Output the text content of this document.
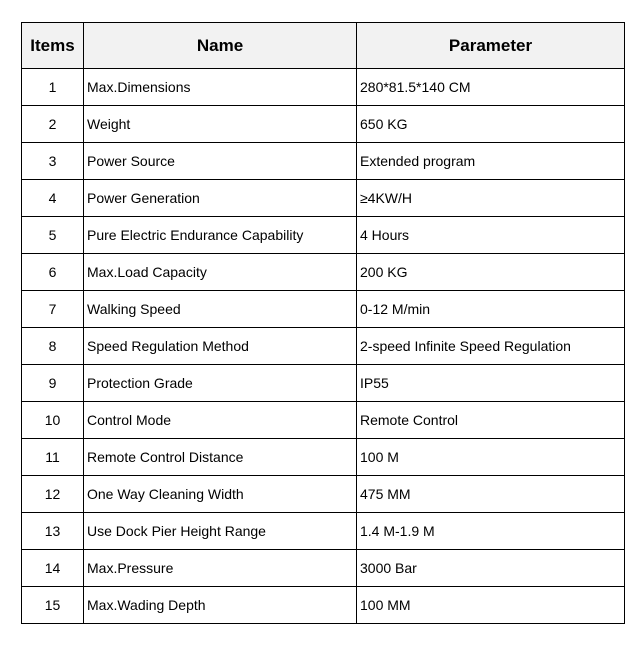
Items	Name	Parameter
1	Max.Dimensions	280*81.5*140 CM
2	Weight	650 KG
3	Power Source	Extended program
4	Power Generation	≥4KW/H
5	Pure Electric Endurance Capability	4 Hours
6	Max.Load Capacity	200 KG
7	Walking Speed	0-12 M/min
8	Speed Regulation Method	2-speed Infinite Speed Regulation
9	Protection Grade	IP55
10	Control Mode	Remote Control
11	Remote Control Distance	100 M
12	One Way Cleaning Width	475 MM
13	Use Dock Pier Height Range	1.4 M-1.9 M
14	Max.Pressure	3000 Bar
15	Max.Wading Depth	100 MM
